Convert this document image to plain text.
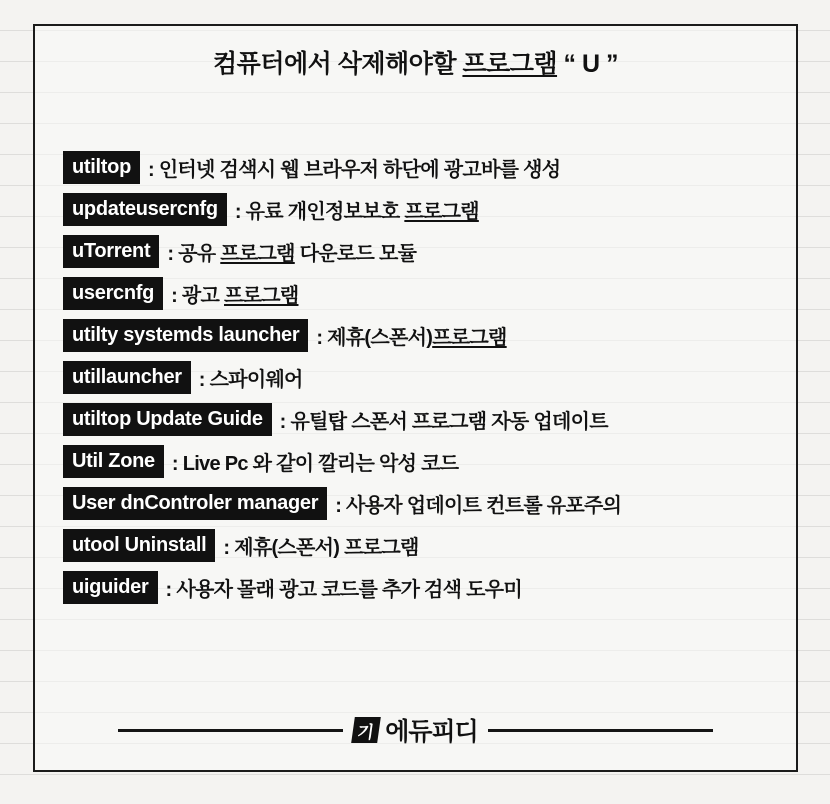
컴퓨터에서 삭제해야할 프로그램 “ U ”
utiltop : 인터넷 검색시 웹 브라우저 하단에 광고바를 생성
updateusercnfg : 유료 개인정보보호 프로그램
uTorrent : 공유 프로그램 다운로드 모듈
usercnfg : 광고 프로그램
utilty systemds launcher : 제휴(스폰서)프로그램
utillauncher : 스파이웨어
utiltop Update Guide : 유틸탑 스폰서 프로그램 자동 업데이트
Util Zone : Live Pc 와 같이 깔리는 악성 코드
User dnControler manager : 사용자 업데이트 컨트롤 유포주의
utool Uninstall : 제휴(스폰서) 프로그램
uiguider : 사용자 몰래 광고 코드를 추가 검색 도우미
기 에듀피디
